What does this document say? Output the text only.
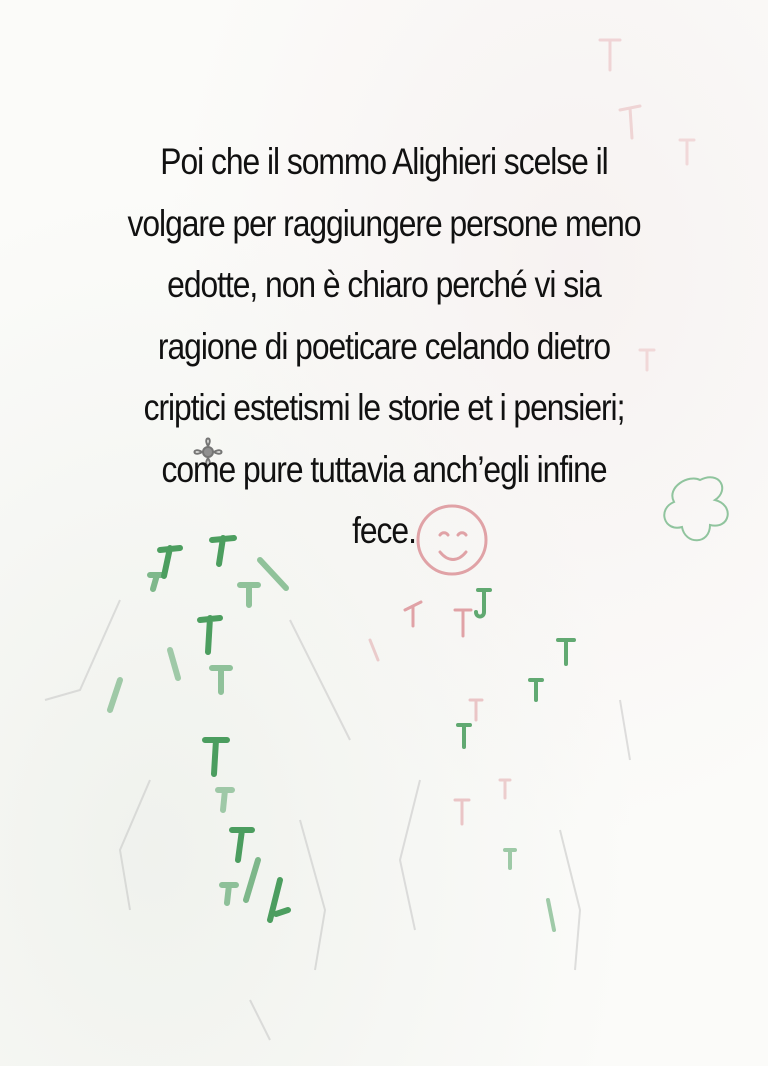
Poi che il sommo Alighieri scelse il
volgare per raggiungere persone meno
edotte, non è chiaro perché vi sia
ragione di poeticare celando dietro
criptici estetismi le storie et i pensieri;
come pure tuttavia anch’egli infine
fece.
